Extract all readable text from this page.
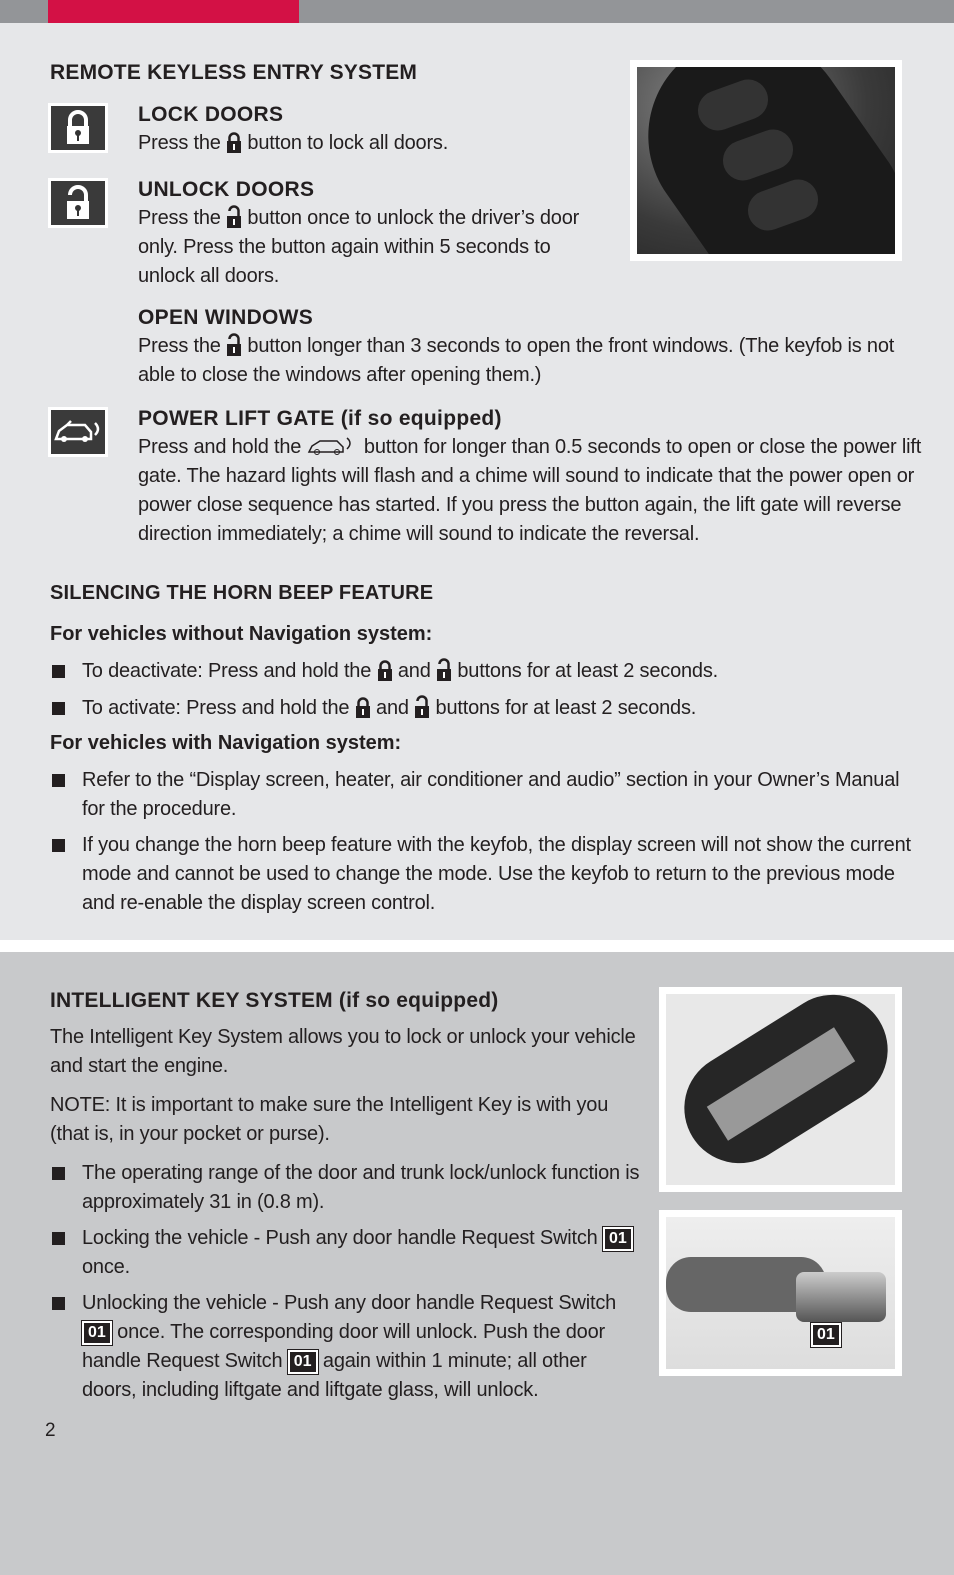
REMOTE KEYLESS ENTRY SYSTEM
LOCK DOORS
Press the button to lock all doors.
UNLOCK DOORS
Press the button once to unlock the driver’s door only. Press the button again within 5 seconds to unlock all doors.
OPEN WINDOWS
Press the button longer than 3 seconds to open the front windows. (The keyfob is not able to close the windows after opening them.)
POWER LIFT GATE (if so equipped)
Press and hold the	button for longer than 0.5 seconds to open or close the power lift gate. The hazard lights will flash and a chime will sound to indicate that the power open or power close sequence has started. If you press the button again, the lift gate will reverse direction immediately; a chime will sound to indicate the reversal.
SILENCING THE HORN BEEP FEATURE
For vehicles without Navigation system:
To deactivate: Press and hold the and buttons for at least 2 seconds.
To activate: Press and hold the and buttons for at least 2 seconds.
For vehicles with Navigation system:
Refer to the “Display screen, heater, air conditioner and audio” section in your Owner’s Manual for the procedure.
If you change the horn beep feature with the keyfob, the display screen will not show the current mode and cannot be used to change the mode. Use the keyfob to return to the previous mode and re-enable the display screen control.
01
INTELLIGENT KEY SYSTEM (if so equipped)
The Intelligent Key System allows you to lock or unlock your vehicle and start the engine.
NOTE: It is important to make sure the Intelligent Key is with you (that is, in your pocket or purse).
The operating range of the door and trunk lock/unlock function is approximately 31 in (0.8 m).
Locking the vehicle - Push any door handle Request Switch 01 once.
Unlocking the vehicle - Push any door handle Request Switch 01 once. The corresponding door will unlock. Push the door handle Request Switch 01 again within 1 minute; all other doors, including liftgate and liftgate glass, will unlock.
2
